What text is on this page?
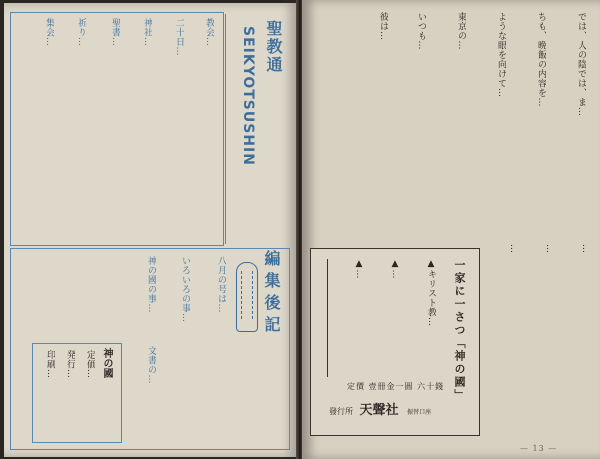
聖教通
SEIKYOTSUSHIN
教会…
二十日…
神社…
聖書…
祈り…
集会…
編集後記
八月の号は…
いろいろの事…
神の國の事…
文書の…
神の國
定価…
発行…
印刷…
では、人の陰では、ま…
ちも、晩飯の内容を…
ような眼を向けて…
東京の…
いつも…
彼は…
…
…
…
一家に一さつ「神の國」
▲キリスト教…
▲…
▲…
定價 壹冊金一圓 六十錢
發行所 天聲社 振替口座
— 13 —
